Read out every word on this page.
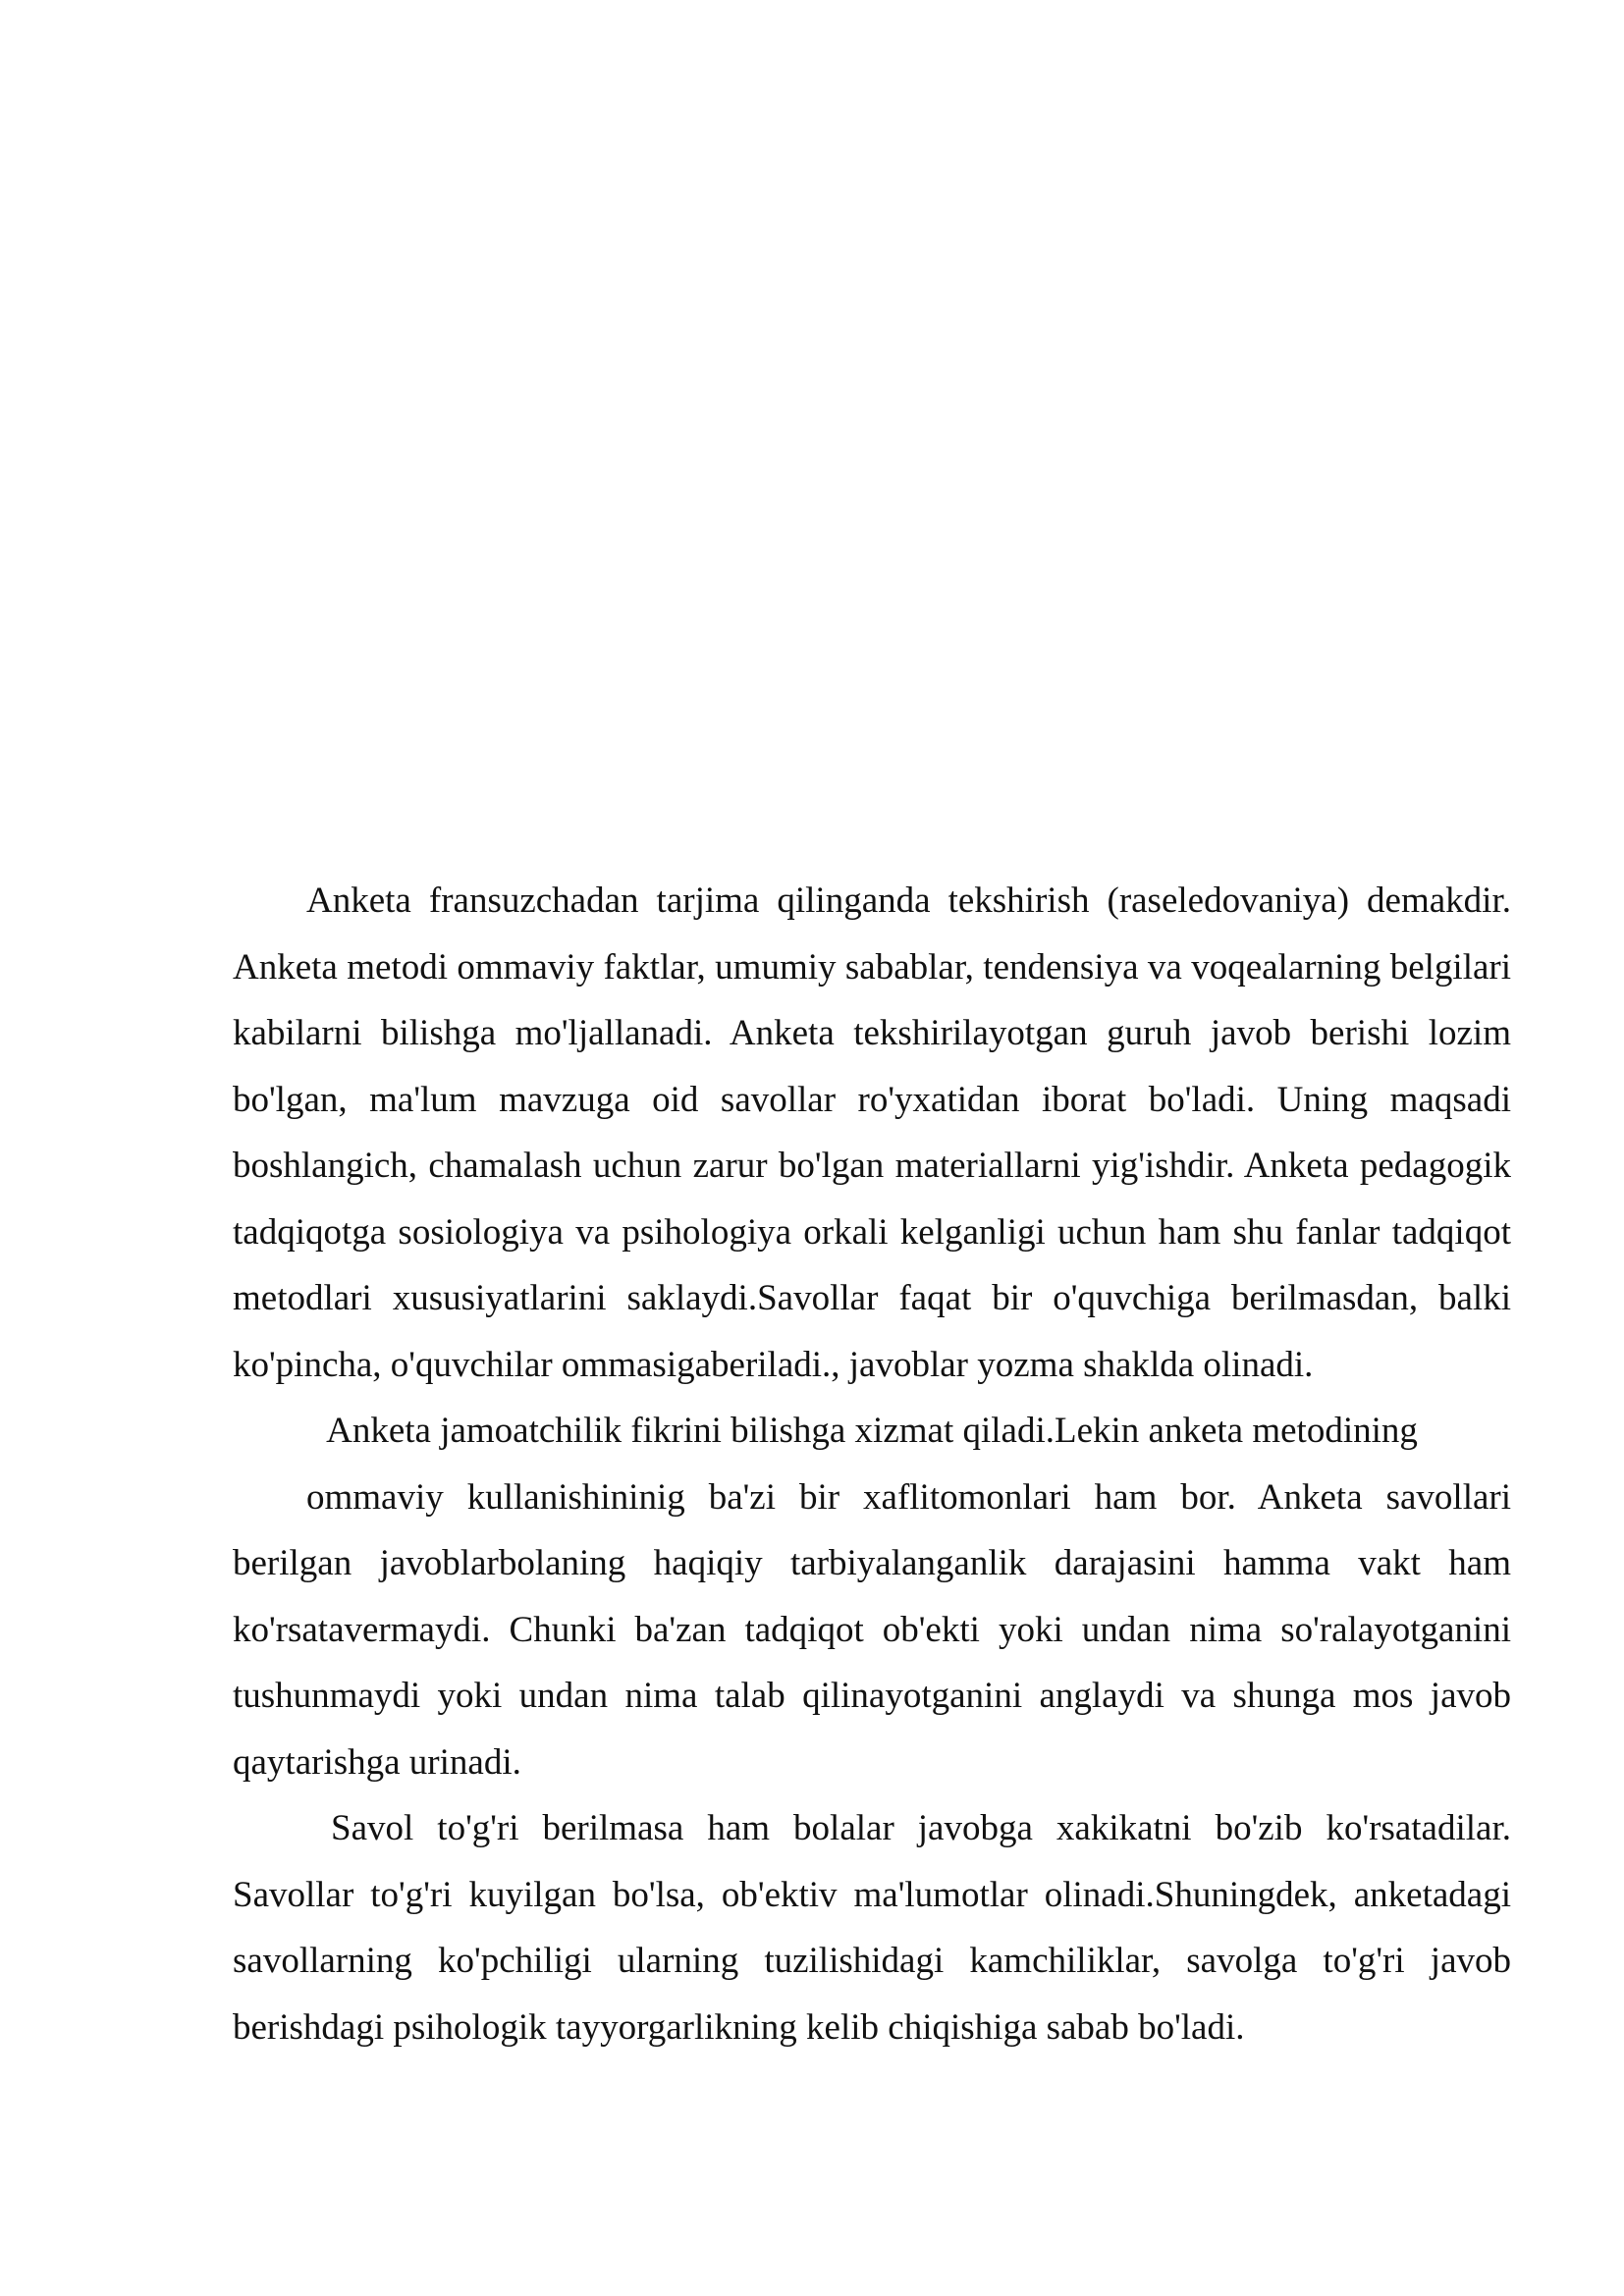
Anketa fransuzchadan tarjima qilinganda tekshirish (raseledovaniya) demakdir. Anketa metodi ommaviy faktlar, umumiy sabablar, tendensiya va voqealarning belgilari kabilarni bilishga mo'ljallanadi. Anketa tekshirilayotgan guruh javob berishi lozim bo'lgan, ma'lum mavzuga oid savollar ro'yxatidan iborat bo'ladi. Uning maqsadi boshlangich, chamalash uchun zarur bo'lgan materiallarni yig'ishdir. Anketa pedagogik tadqiqotga sosiologiya va psihologiya orkali kelganligi uchun ham shu fanlar tadqiqot metodlari xususiyatlarini saklaydi.Savollar faqat bir o'quvchiga berilmasdan, balki ko'pincha, o'quvchilar ommasigaberiladi., javoblar yozma shaklda olinadi.

Anketa jamoatchilik fikrini bilishga xizmat qiladi.Lekin anketa metodining

ommaviy kullanishininig ba'zi bir xaflitomonlari ham bor. Anketa savollari berilgan javoblarbolaning haqiqiy tarbiyalanganlik darajasini hamma vakt ham ko'rsatavermaydi. Chunki ba'zan tadqiqot ob'ekti yoki undan nima so'ralayotganini tushunmaydi yoki undan nima talab qilinayotganini anglaydi va shunga mos javob qaytarishga urinadi.

Savol to'g'ri berilmasa ham bolalar javobga xakikatni bo'zib ko'rsatadilar. Savollar to'g'ri kuyilgan bo'lsa, ob'ektiv ma'lumotlar olinadi.Shuningdek, anketadagi savollarning ko'pchiligi ularning tuzilishidagi kamchiliklar, savolga to'g'ri javob berishdagi psihologik tayyorgarlikning kelib chiqishiga sabab bo'ladi.
